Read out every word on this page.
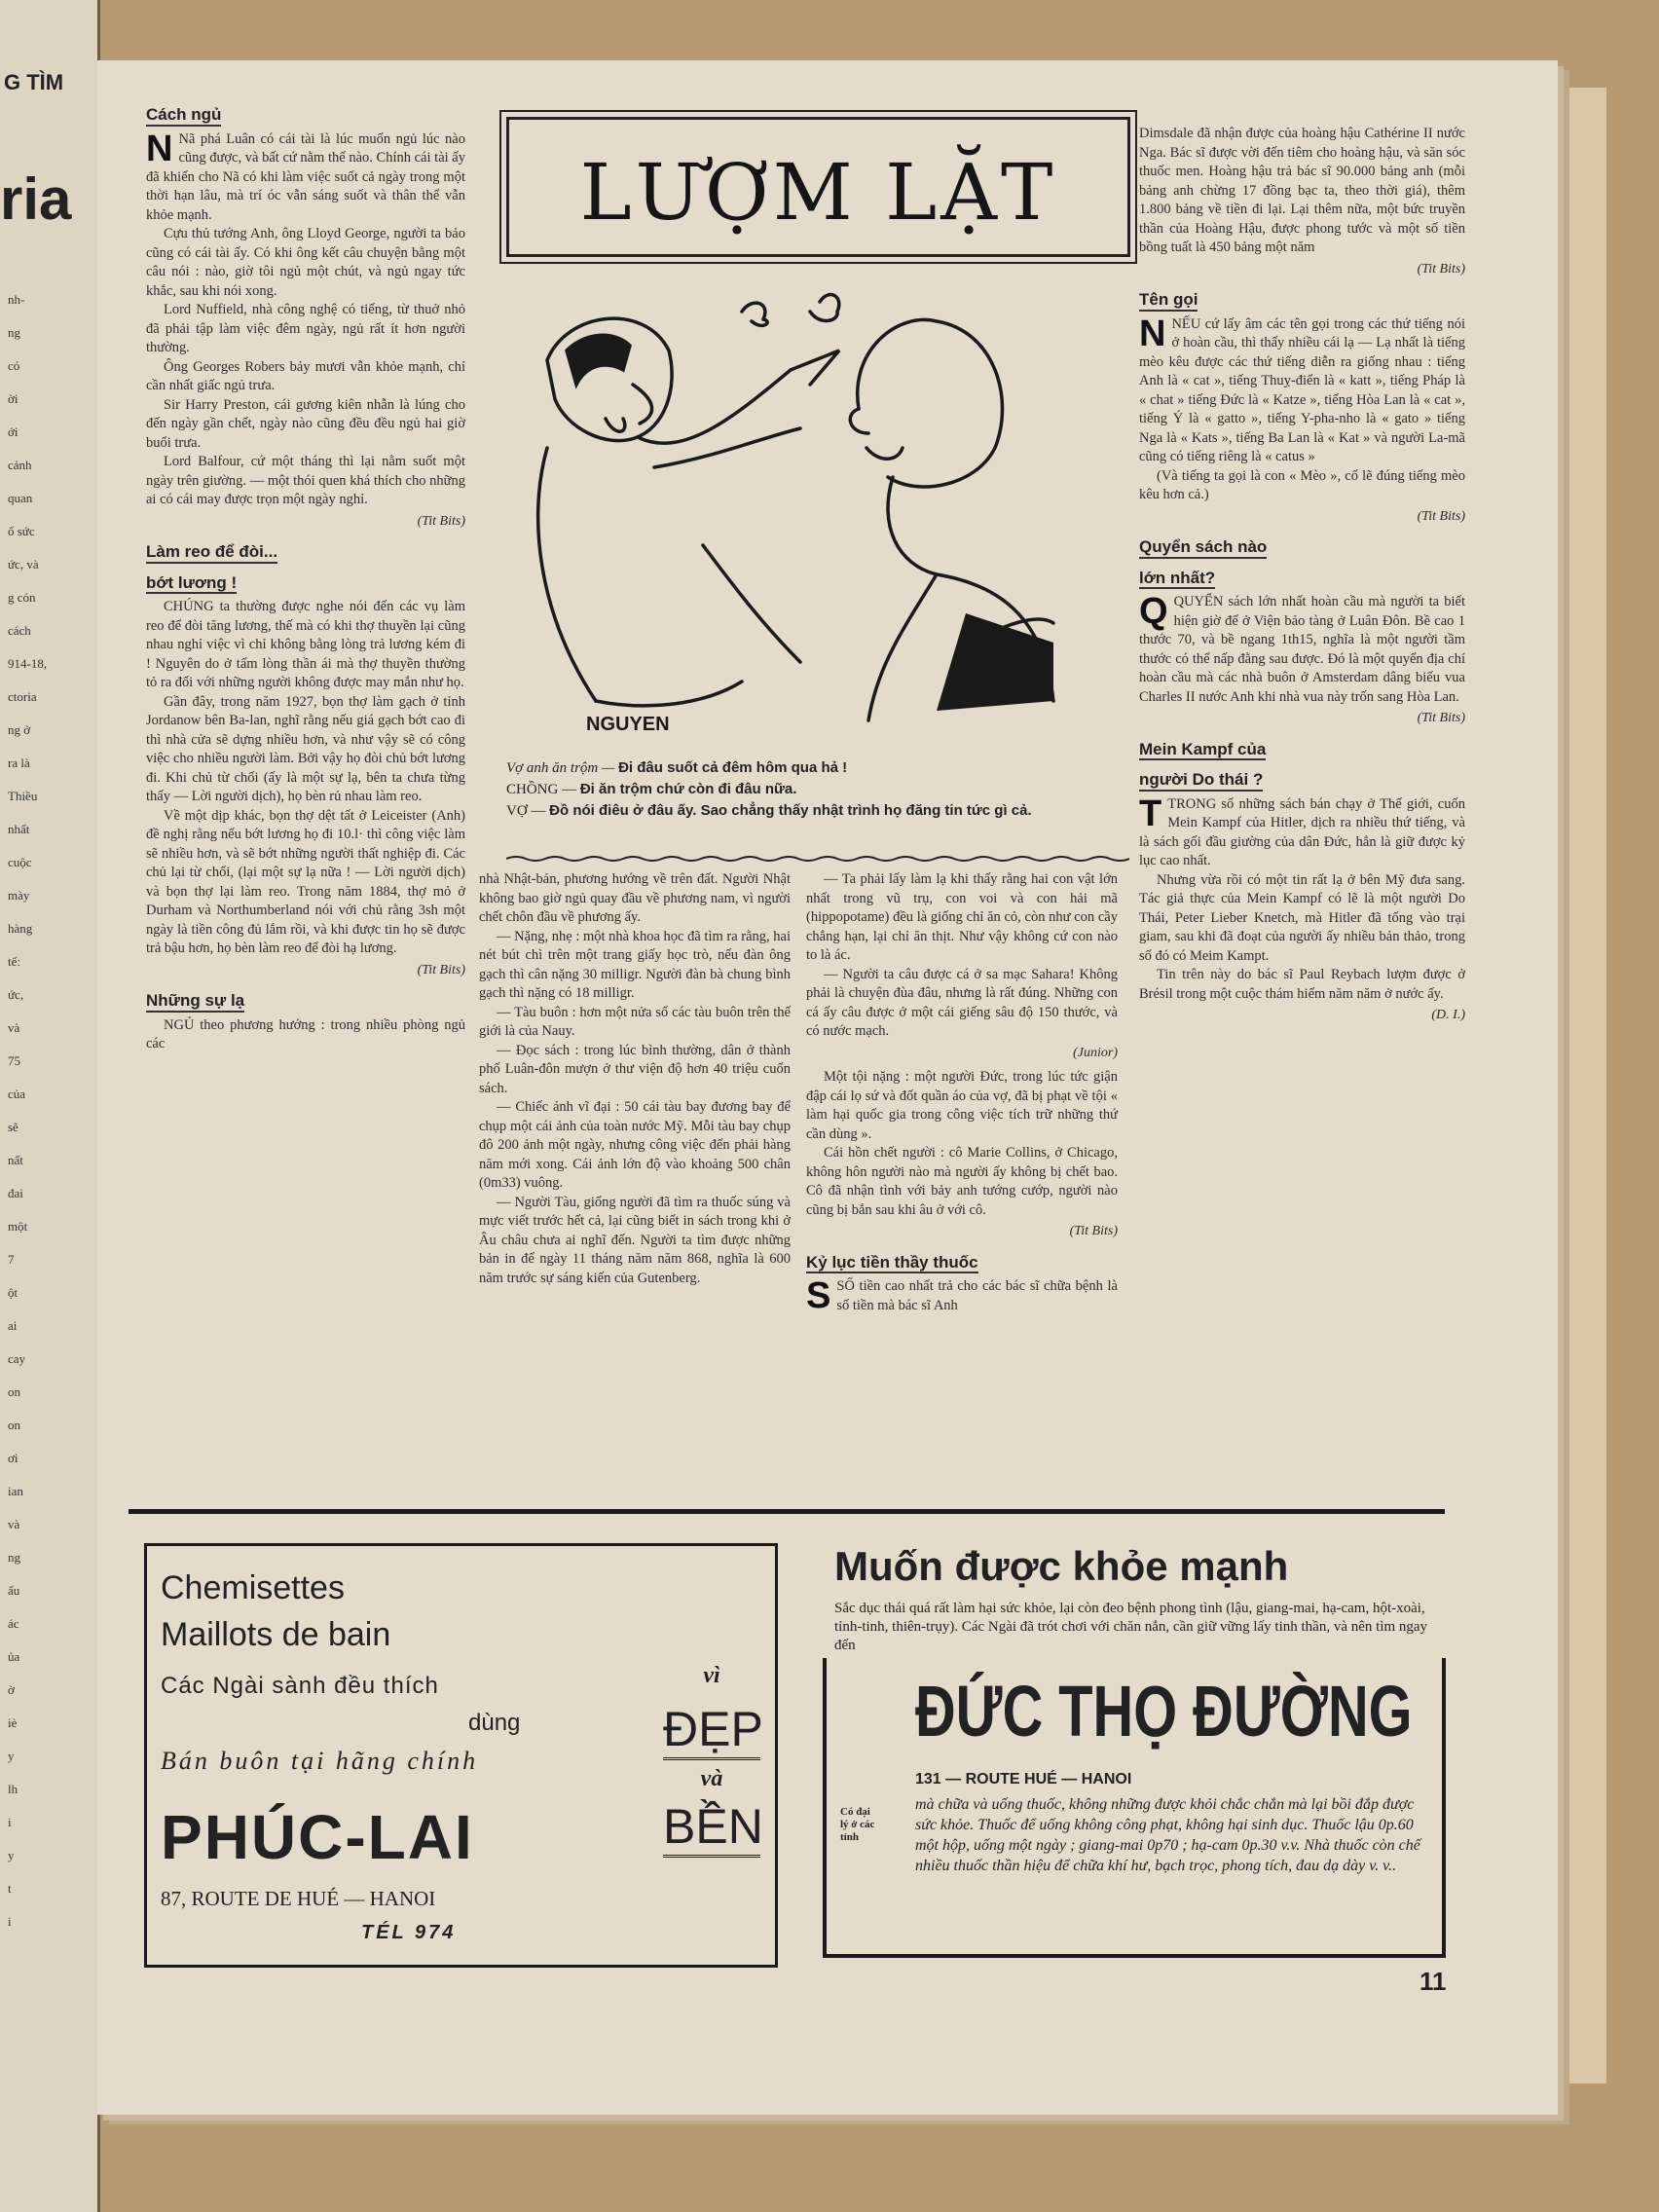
G TÌM
ria
nh-
ng
có
ời
ới
cảnh
quan
ố sức
ức, và
g cón
cách
914-18,
ctoria
ng ở
ra là
Thiều
nhất
cuộc
mày
hàng
tế:
ức,
và
75
của
sẽ
nất
đai
một
7
ột
ai
cay
on
on
ơi
ian
và
ng
ấu
ác
ủa
ờ
iè
y
lh
i
y
t
i
Cách ngủ

N Nã phá Luân có cái tài là lúc muốn ngủ lúc nào cũng được, và bất cứ nằm thế nào. Chính cái tài ấy đã khiến cho Nã có khi làm việc suốt cả ngày trong một thời hạn lâu, mà trí óc vẫn sáng suốt và thân thể vẫn khỏe mạnh.

Cựu thủ tướng Anh, ông Lloyd George, người ta bảo cũng có cái tài ấy. Có khi ông kết câu chuyện bằng một câu nói : nào, giờ tôi ngủ một chút, và ngủ ngay tức khắc, sau khi nói xong.

Lord Nuffield, nhà công nghệ có tiếng, từ thuở nhỏ đã phải tập làm việc đêm ngày, ngủ rất ít hơn người thường.

Ông Georges Robers bảy mươi vẫn khỏe mạnh, chỉ cần nhất giấc ngủ trưa.

Sir Harry Preston, cái gương kiên nhẫn là lúng cho đến ngày gần chết, ngày nào cũng đều đều ngủ hai giờ buổi trưa.

Lord Balfour, cứ một tháng thì lại nằm suốt một ngày trên giường. — một thói quen khá thích cho những ai có cái may được trọn một ngày nghỉ.

(Tit Bits)
Làm reo để đòi...
bớt lương !

CHÚNG ta thường được nghe nói đến các vụ làm reo để đòi tăng lương, thế mà có khi thợ thuyền lại cũng nhau nghỉ việc vì chỉ không bằng lòng trả lương kém đi ! Nguyên do ở tấm lòng thần ái mà thợ thuyền thường tỏ ra đối với những người không được may mắn như họ.

Gần đây, trong năm 1927, bọn thợ làm gạch ở tỉnh Jordanow bên Ba-lan, nghĩ rằng nếu giá gạch bớt cao đi thì nhà cửa sẽ dựng nhiều hơn, và như vậy sẽ có công việc cho nhiều người làm. Bởi vậy họ đòi chủ bớt lương đi. Khi chủ từ chối (ấy là một sự lạ, bên ta chưa từng thấy — Lời người dịch), họ bèn rủ nhau làm reo.

Về một dịp khác, bọn thợ dệt tất ở Leiceister (Anh) đề nghị rằng nếu bớt lương họ đi 10.l· thì công việc làm sẽ nhiều hơn, và sẽ bớt những người thất nghiệp đi. Các chủ lại từ chối, (lại một sự lạ nữa ! — Lời người dịch) và bọn thợ lại làm reo. Trong năm 1884, thợ mỏ ở Durham và Northumberland nói với chủ rằng 3sh một ngày là tiền công đủ lắm rồi, và khi được tin họ sẽ được trả bậu hơn, họ bèn làm reo để đòi hạ lương.

(Tit Bits)
Những sự lạ

NGỦ theo phương hướng : trong nhiều phòng ngủ các

LƯỢM LẶT
NGUYEN
Vợ anh ăn trộm — Đi đâu suốt cả đêm hôm qua hả !
CHỒNG — Đi ăn trộm chứ còn đi đâu nữa.
VỢ — Đồ nói điêu ở đâu ấy. Sao chẳng thấy nhật trình họ đăng tin tức gì cả.

nhà Nhật-bản, phương hướng về trên đất. Người Nhật không bao giờ ngủ quay đầu về phương nam, vì người chết chôn đầu về phương ấy.

— Nặng, nhẹ : một nhà khoa học đã tìm ra rằng, hai nét bút chì trên một trang giấy học trò, nếu đàn ông gạch thì cân nặng 30 milligr. Người đàn bà chung bình gạch thì nặng có 18 milligr.

— Tàu buôn : hơn một nửa số các tàu buôn trên thế giới là của Nauy.

— Đọc sách : trong lúc bình thường, dân ở thành phố Luân-đôn mượn ở thư viện độ hơn 40 triệu cuốn sách.

— Chiếc ảnh vĩ đại : 50 cái tàu bay đương bay để chụp một cái ảnh của toàn nước Mỹ. Mỗi tàu bay chụp đô 200 ảnh một ngày, nhưng công việc đến phải hàng năm mới xong. Cái ảnh lớn độ vào khoảng 500 chân (0m33) vuông.

— Người Tàu, giống người đã tìm ra thuốc súng và mực viết trước hết cả, lại cũng biết in sách trong khi ở Âu châu chưa ai nghĩ đến. Người ta tìm được những bản in để ngày 11 tháng năm năm 868, nghĩa là 600 năm trước sự sáng kiến của Gutenberg.

— Ta phải lấy làm lạ khi thấy rằng hai con vật lớn nhất trong vũ trụ, con voi và con hải mã (hippopotame) đều là giống chỉ ăn cỏ, còn như con cầy chẳng hạn, lại chỉ ăn thịt. Như vậy không cứ con nào to là ác.

— Người ta câu được cá ở sa mạc Sahara! Không phải là chuyện đùa đâu, nhưng là rất đúng. Những con cá ấy câu được ở một cái giếng sâu độ 150 thước, và có nước mạch.

(Junior)

Một tội nặng : một người Đức, trong lúc tức giận đập cái lọ sứ và đốt quần áo của vợ, đã bị phạt về tội « làm hại quốc gia trong công việc tích trữ những thứ cần dùng ».

Cái hồn chết người : cô Marie Collins, ở Chicago, không hôn người nào mà người ấy không bị chết bao. Cô đã nhận tình với bảy anh tướng cướp, người nào cũng bị bắn sau khi âu ở với cô.

(Tit Bits)
Kỷ lục tiền thầy thuốc

SSỐ tiền cao nhất trả cho các bác sĩ chữa bệnh là số tiền mà bác sĩ Anh

Dimsdale đã nhận được của hoàng hậu Cathérine II nước Nga. Bác sĩ được vời đến tiêm cho hoàng hậu, và săn sóc thuốc men. Hoàng hậu trả bác sĩ 90.000 bảng anh (mỗi bảng anh chừng 17 đồng bạc ta, theo thời giá), thêm 1.800 bảng về tiền đi lại. Lại thêm nữa, một bức truyền thần của Hoàng Hậu, được phong tước và một số tiền bồng tuất là 450 bảng một năm

(Tit Bits)
Tên gọi

NNẾU cứ lấy âm các tên gọi trong các thứ tiếng nói ở hoàn cầu, thì thấy nhiều cái lạ — Lạ nhất là tiếng mèo kêu được các thứ tiếng diễn ra giống nhau : tiếng Anh là « cat », tiếng Thuỵ-điển là « katt », tiếng Pháp là « chat » tiếng Đức là « Katze », tiếng Hòa Lan là « cat », tiếng Ý là « gatto », tiếng Y-pha-nho là « gato » tiếng Nga là « Kats », tiếng Ba Lan là « Kat » và người La-mã cũng có tiếng riêng là « catus »

(Và tiếng ta gọi là con « Mèo », cố lẽ đúng tiếng mèo kêu hơn cả.)

(Tit Bits)
Quyển sách nào
lớn nhất?

QQUYỂN sách lớn nhất hoàn cầu mà người ta biết hiện giờ để ở Viện bảo tàng ở Luân Đôn. Bề cao 1 thước 70, và bề ngang 1th15, nghĩa là một người tầm thước có thể nấp đằng sau được. Đó là một quyển địa chí hoàn cầu mà các nhà buôn ở Amsterdam dâng biếu vua Charles II nước Anh khi nhà vua này trốn sang Hòa Lan.

(Tit Bits)
Mein Kampf của
người Do thái ?

TTRONG số những sách bán chạy ở Thế giới, cuốn Mein Kampf của Hitler, dịch ra nhiều thứ tiếng, và là sách gối đầu giường của dân Đức, hẳn là giữ được kỷ lục cao nhất.

Nhưng vừa rồi có một tin rất lạ ở bên Mỹ đưa sang. Tác giả thực của Mein Kampf có lẽ là một người Do Thái, Peter Lieber Knetch, mà Hitler đã tống vào trại giam, sau khi đã đoạt của người ấy nhiều bản thảo, trong số đó có Meim Kampt.

Tin trên này do bác sĩ Paul Reybach lượm được ở Brésil trong một cuộc thám hiểm năm năm ở nước ấy.

(D. I.)
Chemisettes
Maillots de bain
Các Ngài sành đều thích
dùng
Bán buôn tại hãng chính
PHÚC-LAI
87, ROUTE DE HUÉ — HANOI
TÉL 974
vì
ĐẸP
và
BỀN
Muốn được khỏe mạnh
Sắc dục thái quá rất làm hại sức khỏe, lại còn đeo bệnh phong tình (lậu, giang-mai, hạ-cam, hột-xoài, tỉnh-tinh, thiên-trụy). Các Ngài đã trót chơi với chăn nắn, cần giữ vững lấy tinh thần, và nên tìm ngay đến
ĐỨC THỌ ĐƯỜNG
131 — ROUTE HUÉ — HANOI
Có đại lý ở các tỉnh
mà chữa và uống thuốc, không những được khỏi chắc chắn mà lại bồi đắp được sức khỏe. Thuốc để uống không công phạt, không hại sinh dục. Thuốc lậu 0p.60 một hộp, uống một ngày ; giang-mai 0p70 ; hạ-cam 0p.30 v.v. Nhà thuốc còn chế nhiều thuốc thần hiệu để chữa khí hư, bạch trọc, phong tích, đau dạ dày v. v..
11
